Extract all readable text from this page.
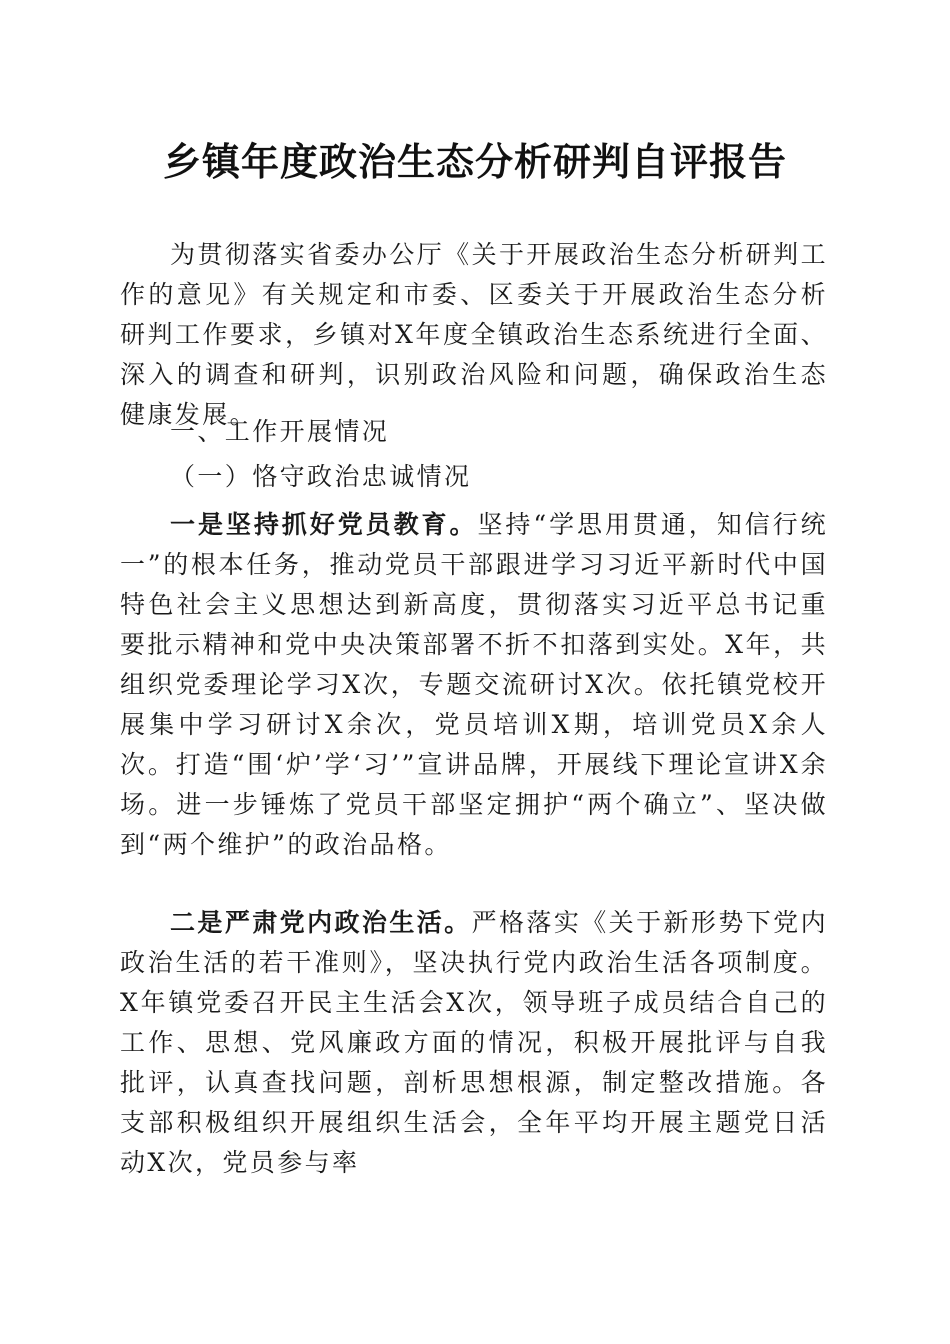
乡镇年度政治生态分析研判自评报告

为贯彻落实省委办公厅《关于开展政治生态分析研判工作的意见》有关规定和市委、区委关于开展政治生态分析研判工作要求，乡镇对X年度全镇政治生态系统进行全面、深入的调查和研判，识别政治风险和问题，确保政治生态健康发展。

一、工作开展情况

（一）恪守政治忠诚情况

一是坚持抓好党员教育。坚持“学思用贯通，知信行统一”的根本任务，推动党员干部跟进学习习近平新时代中国特色社会主义思想达到新高度，贯彻落实习近平总书记重要批示精神和党中央决策部署不折不扣落到实处。X年，共组织党委理论学习X次，专题交流研讨X次。依托镇党校开展集中学习研讨X余次，党员培训X期，培训党员X余人次。打造“围‘炉’学‘习’”宣讲品牌，开展线下理论宣讲X余场。进一步锤炼了党员干部坚定拥护“两个确立”、坚决做到“两个维护”的政治品格。

二是严肃党内政治生活。严格落实《关于新形势下党内政治生活的若干准则》，坚决执行党内政治生活各项制度。X年镇党委召开民主生活会X次，领导班子成员结合自己的工作、思想、党风廉政方面的情况，积极开展批评与自我批评，认真查找问题，剖析思想根源，制定整改措施。各支部积极组织开展组织生活会，全年平均开展主题党日活动X次，党员参与率
